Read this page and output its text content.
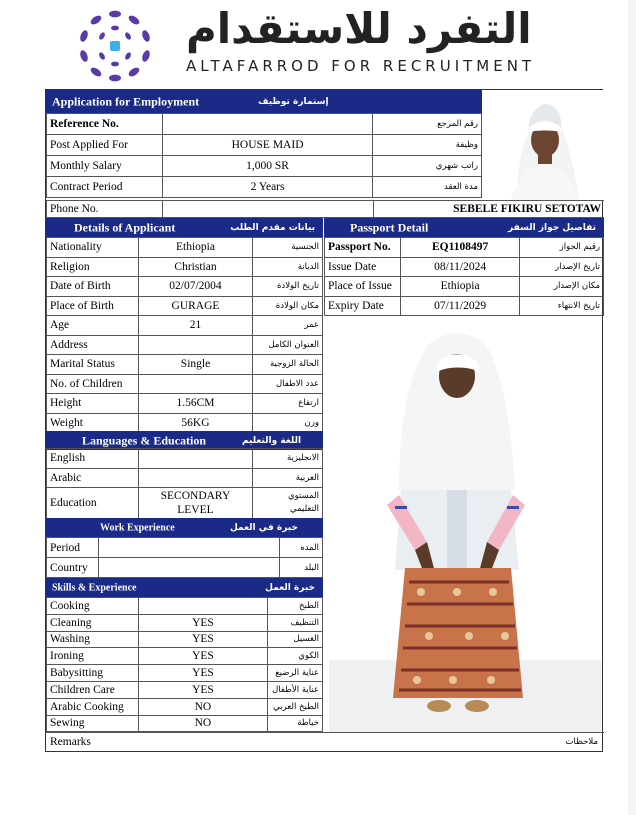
التفرد للاستقدام
ALTAFARROD FOR RECRUITMENT
Application for Employment	إستمارة توظيف
Reference No.		رقم المرجع
Post Applied For	HOUSE MAID	وظيفة
Monthly Salary	1,000 SR	راتب شهري
Contract Period	2 Years	مدة العقد
Phone No.		SEBELE FIKIRU SETOTAW
Details of Applicant	بيانات مقدم الطلب
Nationality	Ethiopia	الجنسية
Religion	Christian	الديانة
Date of Birth	02/07/2004	تاريخ الولادة
Place of Birth	GURAGE	مكان الولادة
Age	21	عمر
Address		العنوان الكامل
Marital Status	Single	الحالة الزوجية
No. of Children		عدد الاطفال
Height	1.56CM	ارتفاع
Weight	56KG	وزن
Passport Detail	تفاصيل جواز السفر
Passport No.	EQ1108497	رقيم الجواز
Issue Date	08/11/2024	تاريخ الإصدار
Place of Issue	Ethiopia	مكان الإصدار
Expiry Date	07/11/2029	تاريخ الانتهاء
Languages & Education	اللغة والتعليم
English		الانجليزية
Arabic		العربية
Education	SECONDARY
LEVEL	المستوي
التعليمي
Work Experience	خبرة في العمل
Period		المده
Country		البلد
Skills & Experience	خبرة العمل
Cooking		الطبخ
Cleaning	YES	التنظيف
Washing	YES	الغسيل
Ironing	YES	الكوي
Babysitting	YES	عناية الرضيع
Children Care	YES	عناية الأطفال
Arabic Cooking	NO	الطبخ العربي
Sewing	NO	خياطة
Remarks	ملاحظات
